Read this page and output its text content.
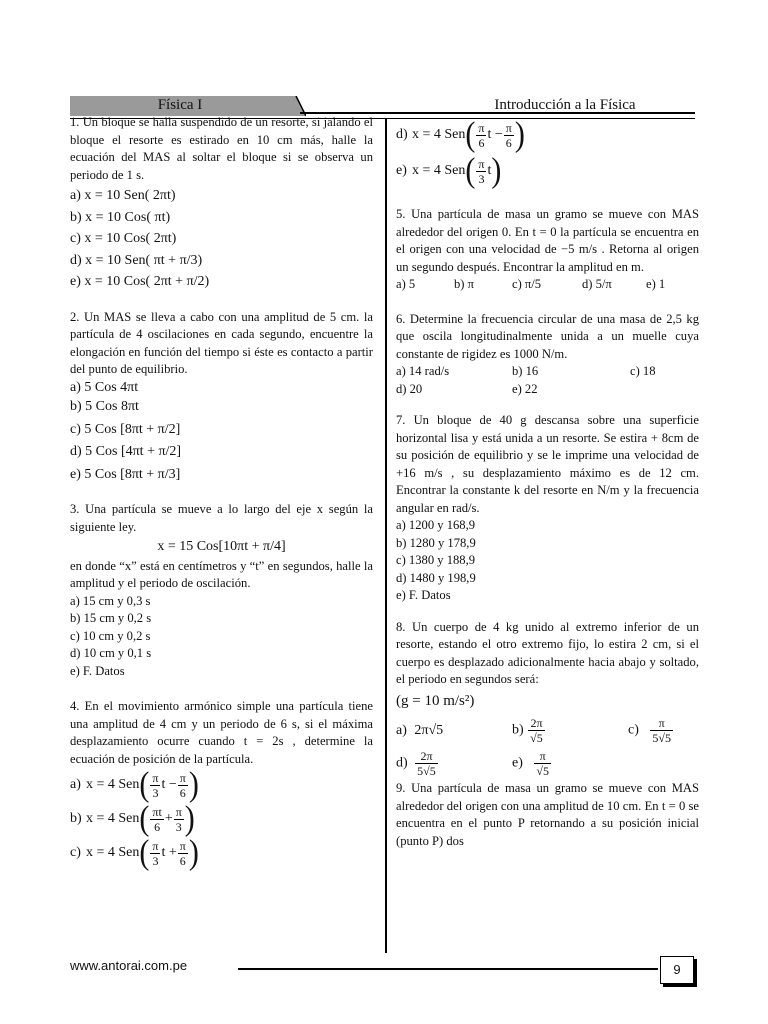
Física I	Introducción a la Física

1. Un bloque se halla suspendido de un resorte, si jalando el bloque el resorte es estirado en 10 cm más, halle la ecuación del MAS al soltar el bloque si se observa un periodo de 1 s.

a) x = 10 Sen( 2πt)
b) x = 10 Cos( πt)
c) x = 10 Cos( 2πt)
d) x = 10 Sen( πt + π/3)
e) x = 10 Cos( 2πt + π/2)

2. Un MAS se lleva a cabo con una amplitud de 5 cm. la partícula de 4 oscilaciones en cada segundo, encuentre la elongación en función del tiempo si éste es contacto a partir del punto de equilibrio.

a) 5 Cos 4πt
b) 5 Cos 8πt
c) 5 Cos [8πt + π/2]
d) 5 Cos [4πt + π/2]
e) 5 Cos [8πt + π/3]

3. Una partícula se mueve a lo largo del eje x según la siguiente ley.

x = 15 Cos[10πt + π/4]

en donde “x” está en centímetros y “t” en segundos, halle la amplitud y el periodo de oscilación.

a) 15 cm y 0,3 s
b) 15 cm y 0,2 s
c) 10 cm y 0,2 s
d) 10 cm y 0,1 s
e) F. Datos

4. En el movimiento armónico simple una partícula tiene una amplitud de 4 cm y un periodo de 6 s, si el máxima desplazamiento ocurre cuando t = 2s , determine la ecuación de posición de la partícula.

a) x = 4 Sen ( $\frac{\pi}{3}$ $t - \frac{\pi}{6}$ )
b) x = 4 Sen ( $\frac{\pi t}{6} + \frac{\pi}{3}$ )
c) x = 4 Sen ( $\frac{\pi}{3}$ $t + \frac{\pi}{6}$ )
d) x = 4 Sen ( $\frac{\pi}{6}$ $t - \frac{\pi}{6}$ )
e) x = 4 Sen ( $\frac{\pi}{3}$ t )

5. Una partícula de masa un gramo se mueve con MAS alrededor del origen 0. En t = 0 la partícula se encuentra en el origen con una velocidad de −5 m/s . Retorna al origen un segundo después. Encontrar la amplitud en m.

a) 5	b) π	c) π/5	d) 5/π	e) 1

6. Determine la frecuencia circular de una masa de 2,5 kg que oscila longitudinalmente unida a un muelle cuya constante de rigidez es 1000 N/m.

a) 14 rad/s	b) 16	c) 18
d) 20	e) 22

7. Un bloque de 40 g descansa sobre una superficie horizontal lisa y está unida a un resorte. Se estira + 8cm de su posición de equilibrio y se le imprime una velocidad de +16 m/s , su desplazamiento máximo es de 12 cm. Encontrar la constante k del resorte en N/m y la frecuencia angular en rad/s.

a) 1200 y 168,9
b) 1280 y 178,9
c) 1380 y 188,9
d) 1480 y 198,9
e) F. Datos

8. Un cuerpo de 4 kg unido al extremo inferior de un resorte, estando el otro extremo fijo, lo estira 2 cm, si el cuerpo es desplazado adicionalmente hacia abajo y soltado, el periodo en segundos será:

(g = 10 m/s²)
a) 2π√5	$b) \frac{2\pi}{√5}$	$c) \frac{\pi}{5√5}$
$d) \frac{2\pi}{5√5}$	$e) \frac{\pi}{√5}$

9. Una partícula de masa un gramo se mueve con MAS alrededor del origen con una amplitud de 10 cm. En t = 0 se encuentra en el punto P retornando a su posición inicial (punto P) dos

www.antorai.com.pe	9
